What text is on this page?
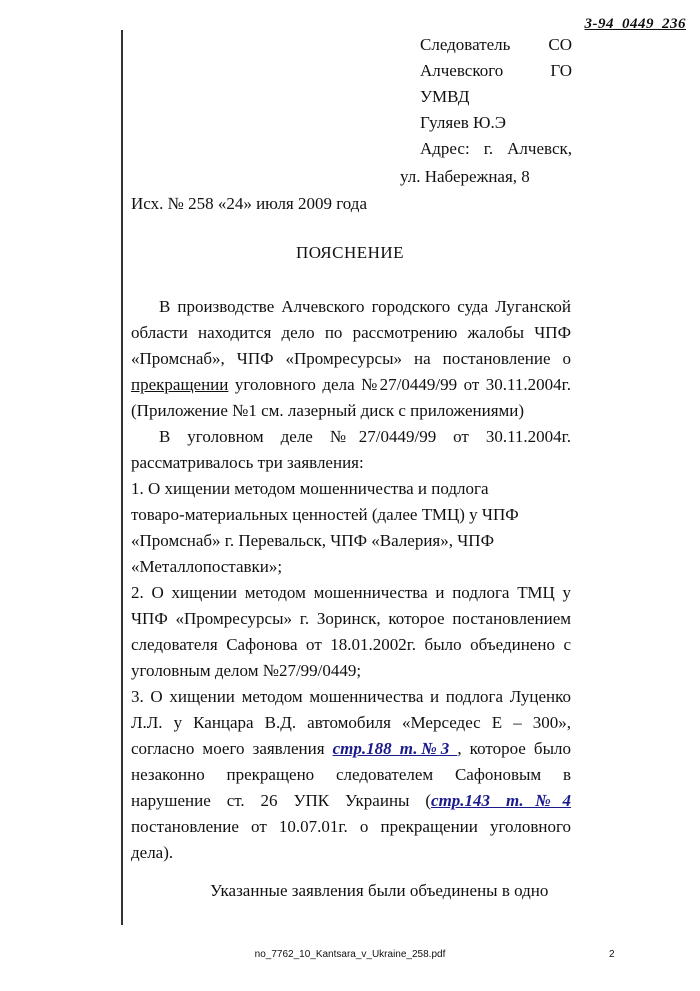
3-94_0449_236
Следователь СО
Алчевского	ГО
УМВД
Гуляев Ю.Э
Адрес: г. Алчевск,
ул. Набережная, 8
Исх. № 258 «24» июля 2009 года
ПОЯСНЕНИЕ

В производстве Алчевского городского суда Луганской

области находится дело по рассмотрению жалобы ЧПФ

«Промснаб», ЧПФ «Промресурсы» на постановление о

прекращении уголовного дела №27/0449/99 от 30.11.2004г.

(Приложение №1 см. лазерный диск с приложениями)

В уголовном деле №27/0449/99 от 30.11.2004г.

рассматривалось три заявления:

1. О хищении методом мошенничества и подлога

товаро-материальных ценностей (далее ТМЦ) у ЧПФ

«Промснаб» г. Перевальск, ЧПФ «Валерия», ЧПФ

«Металлопоставки»;

2. О хищении методом мошенничества и подлога ТМЦ у

ЧПФ «Промресурсы» г. Зоринск, которое постановлением

следователя Сафонова от 18.01.2002г. было объединено с

уголовным делом №27/99/0449;

3. О хищении методом мошенничества и подлога Луценко

Л.Л. у Канцара В.Д. автомобиля «Мерседес Е – 300»,

согласно моего заявления стр.188 т.№3 , которое было

незаконно прекращено следователем Сафоновым в

нарушение ст. 26 УПК Украины (стр.143 т.№4

постановление от 10.07.01г. о прекращении уголовного

дела).

Указанные заявления были объединены в одно
no_7762_10_Kantsara_v_Ukraine_258.pdf	2
